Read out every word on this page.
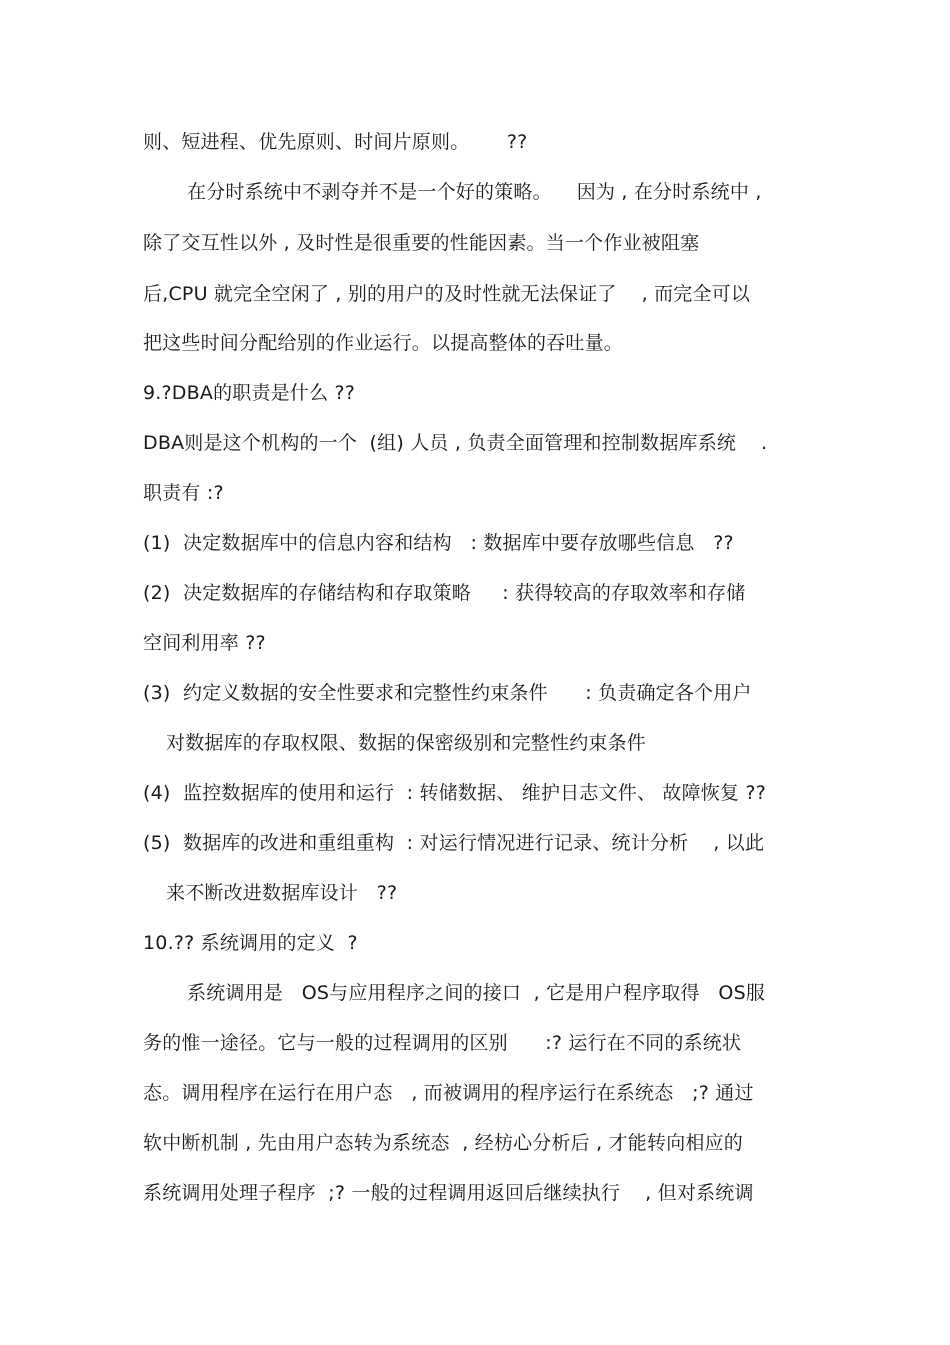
则、短进程、优先原则、时间片原则。      ??
在分时系统中不剥夺并不是一个好的策略。    因为 , 在分时系统中 ,
除了交互性以外 , 及时性是很重要的性能因素。当一个作业被阻塞
后,CPU 就完全空闲了 , 别的用户的及时性就无法保证了    , 而完全可以
把这些时间分配给别的作业运行。以提高整体的吞吐量。
9.?DBA的职责是什么 ??
DBA则是这个机构的一个  (组) 人员 , 负责全面管理和控制数据库系统    .
职责有 :?
(1)  决定数据库中的信息内容和结构   : 数据库中要存放哪些信息   ??
(2)  决定数据库的存储结构和存取策略     : 获得较高的存取效率和存储
空间利用率 ??
(3)  约定义数据的安全性要求和完整性约束条件      : 负责确定各个用户
对数据库的存取权限、数据的保密级别和完整性约束条件
(4)  监控数据库的使用和运行  : 转储数据、 维护日志文件、 故障恢复 ??
(5)  数据库的改进和重组重构  : 对运行情况进行记录、统计分析    , 以此
来不断改进数据库设计   ??
10.?? 系统调用的定义  ?
系统调用是   OS与应用程序之间的接口  , 它是用户程序取得   OS服
务的惟一途径。它与一般的过程调用的区别      :? 运行在不同的系统状
态。调用程序在运行在用户态   , 而被调用的程序运行在系统态   ;? 通过
软中断机制 , 先由用户态转为系统态  , 经枋心分析后 , 才能转向相应的
系统调用处理子程序  ;? 一般的过程调用返回后继续执行    , 但对系统调
